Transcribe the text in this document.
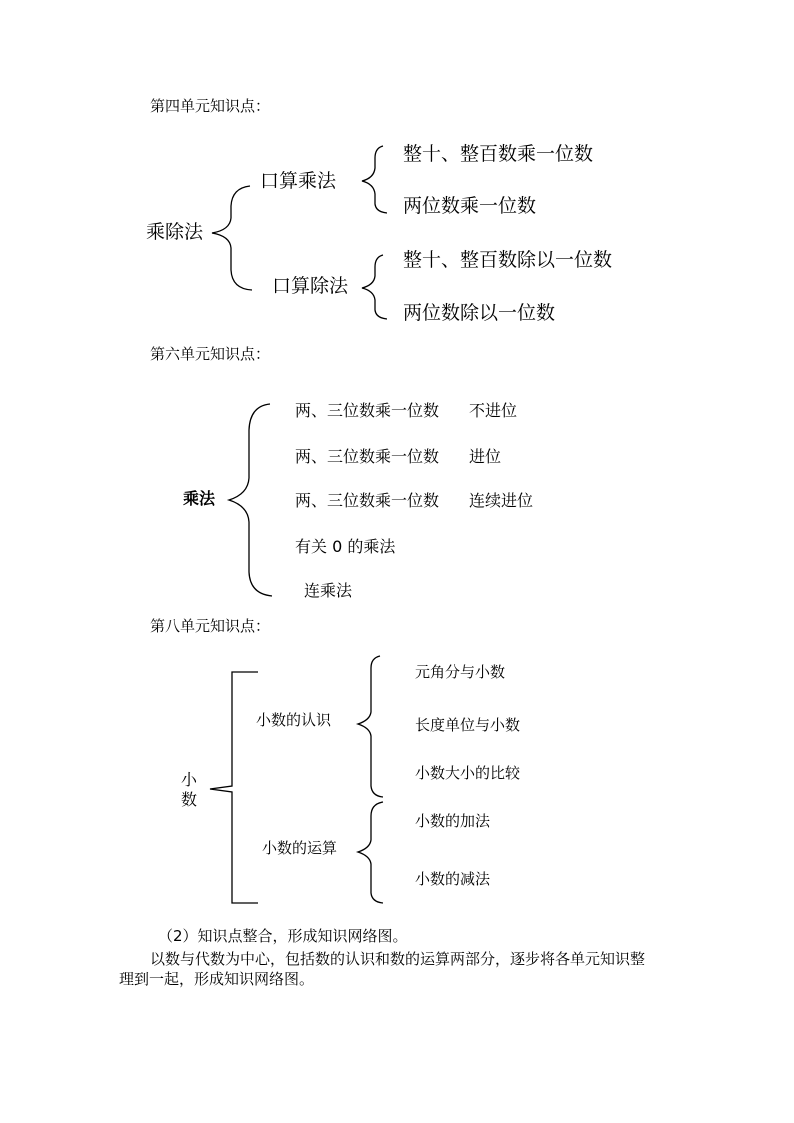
第四单元知识点：
乘除法
口算乘法
口算除法
整十、整百数乘一位数
两位数乘一位数
整十、整百数除以一位数
两位数除以一位数
第六单元知识点：
乘法
两、三位数乘一位数 不进位
两、三位数乘一位数 进位
两、三位数乘一位数 连续进位
有关 0 的乘法
连乘法
第八单元知识点：
小
数
小数的认识
小数的运算
元角分与小数
长度单位与小数
小数大小的比较
小数的加法
小数的减法
（2）知识点整合，形成知识网络图。
以数与代数为中心，包括数的认识和数的运算两部分，逐步将各单元知识整
理到一起，形成知识网络图。
